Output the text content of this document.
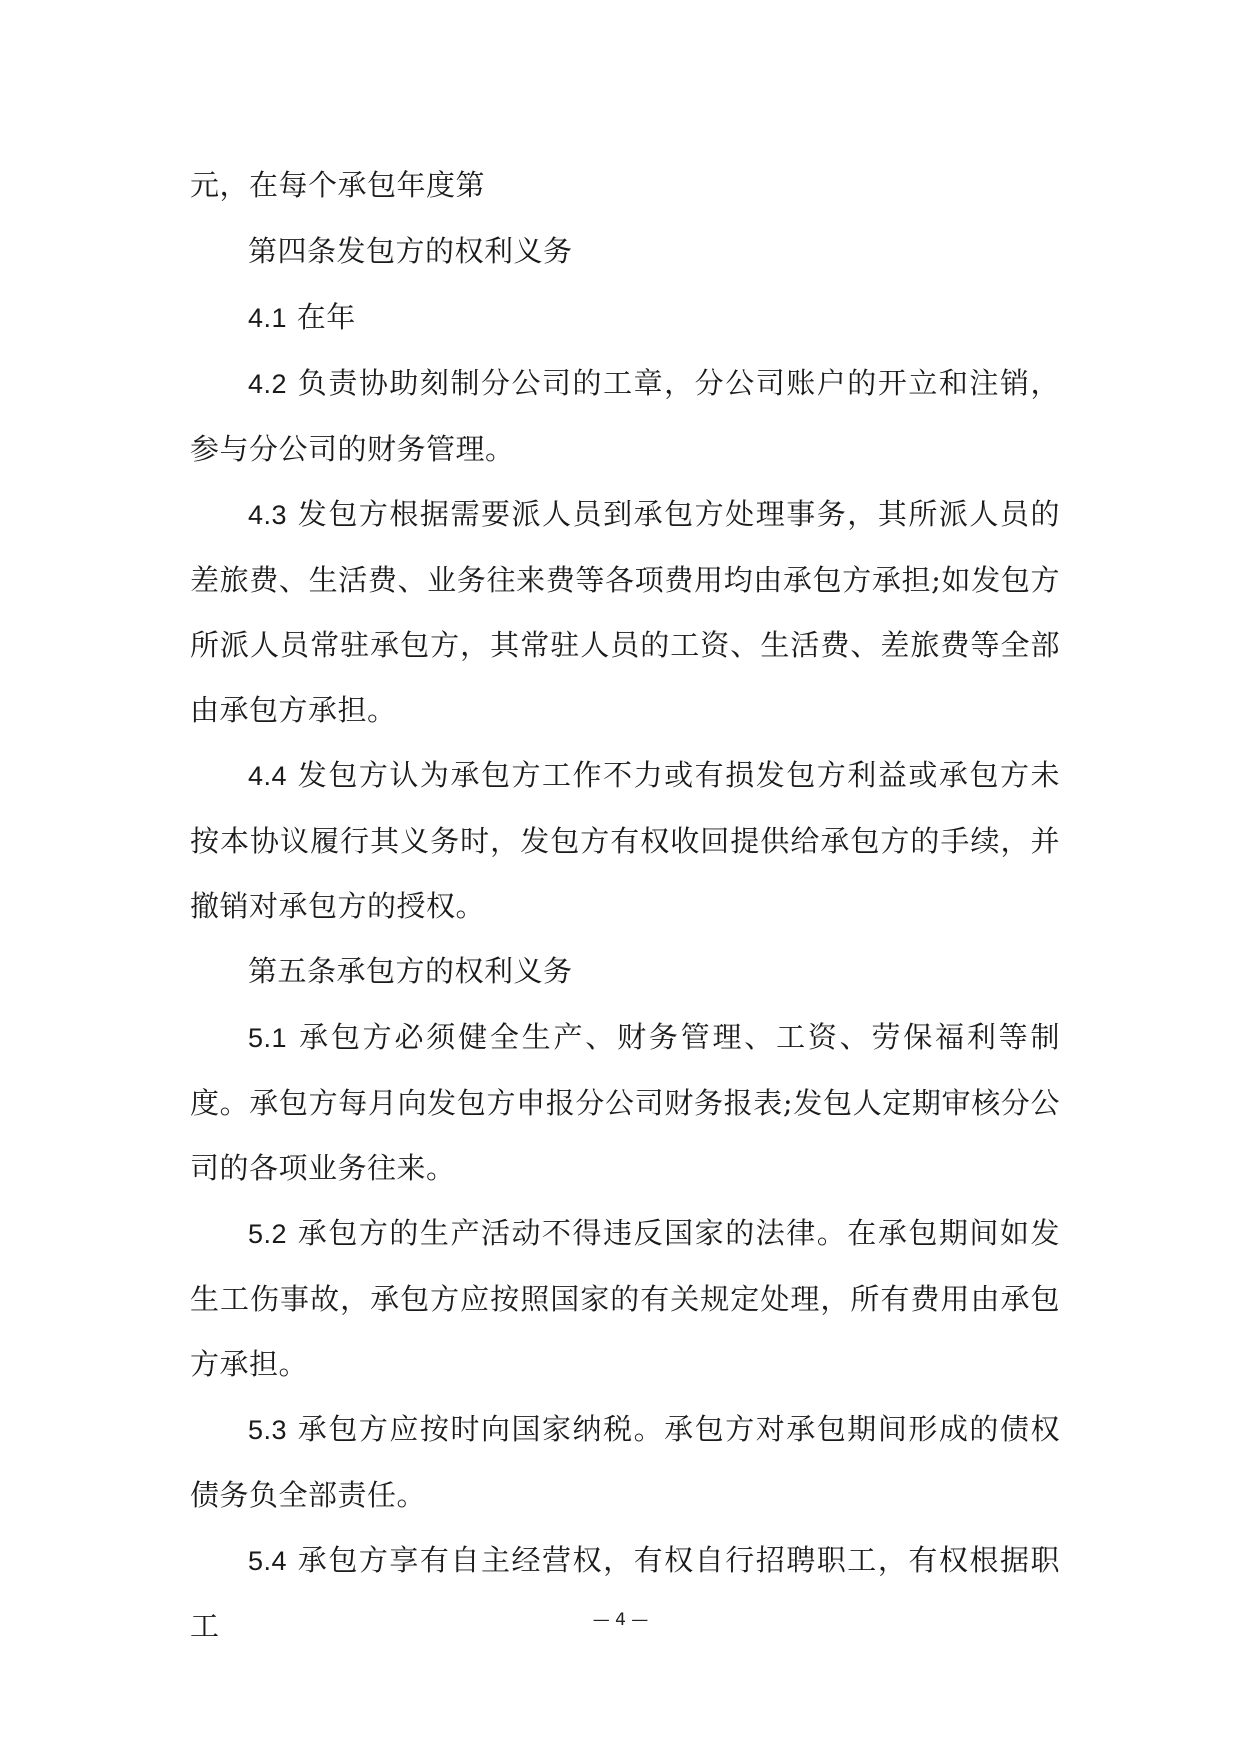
元，在每个承包年度第

第四条发包方的权利义务

4.1 在年

4.2 负责协助刻制分公司的工章，分公司账户的开立和注销，参与分公司的财务管理。

4.3 发包方根据需要派人员到承包方处理事务，其所派人员的差旅费、生活费、业务往来费等各项费用均由承包方承担;如发包方所派人员常驻承包方，其常驻人员的工资、生活费、差旅费等全部由承包方承担。

4.4 发包方认为承包方工作不力或有损发包方利益或承包方未按本协议履行其义务时，发包方有权收回提供给承包方的手续，并撤销对承包方的授权。

第五条承包方的权利义务

5.1 承包方必须健全生产、财务管理、工资、劳保福利等制度。承包方每月向发包方申报分公司财务报表;发包人定期审核分公司的各项业务往来。

5.2 承包方的生产活动不得违反国家的法律。在承包期间如发生工伤事故，承包方应按照国家的有关规定处理，所有费用由承包方承担。

5.3 承包方应按时向国家纳税。承包方对承包期间形成的债权债务负全部责任。

5.4 承包方享有自主经营权，有权自行招聘职工，有权根据职工	— 4 —
